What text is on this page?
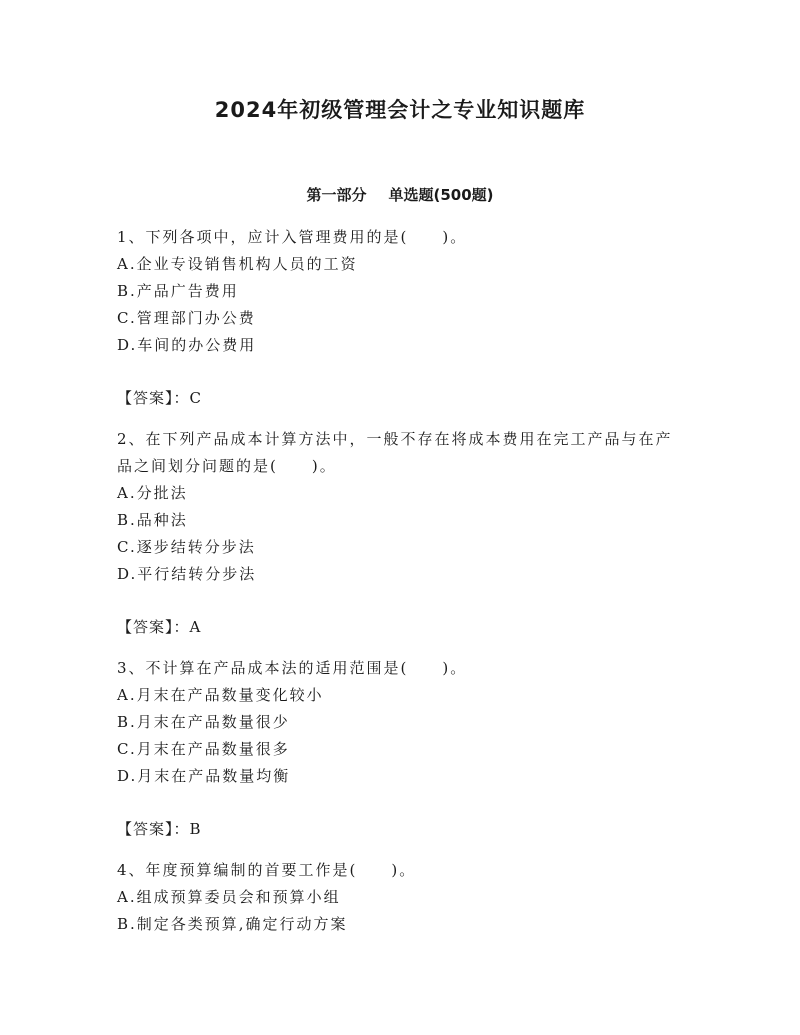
2024年初级管理会计之专业知识题库
第一部分 单选题(500题)
1、下列各项中，应计入管理费用的是(　　)。
A.企业专设销售机构人员的工资
B.产品广告费用
C.管理部门办公费
D.车间的办公费用
【答案】：C
2、在下列产品成本计算方法中，一般不存在将成本费用在完工产品与在产品之间划分问题的是(　　)。
A.分批法
B.品种法
C.逐步结转分步法
D.平行结转分步法
【答案】：A
3、不计算在产品成本法的适用范围是(　　)。
A.月末在产品数量变化较小
B.月末在产品数量很少
C.月末在产品数量很多
D.月末在产品数量均衡
【答案】：B
4、年度预算编制的首要工作是(　　)。
A.组成预算委员会和预算小组
B.制定各类预算,确定行动方案
